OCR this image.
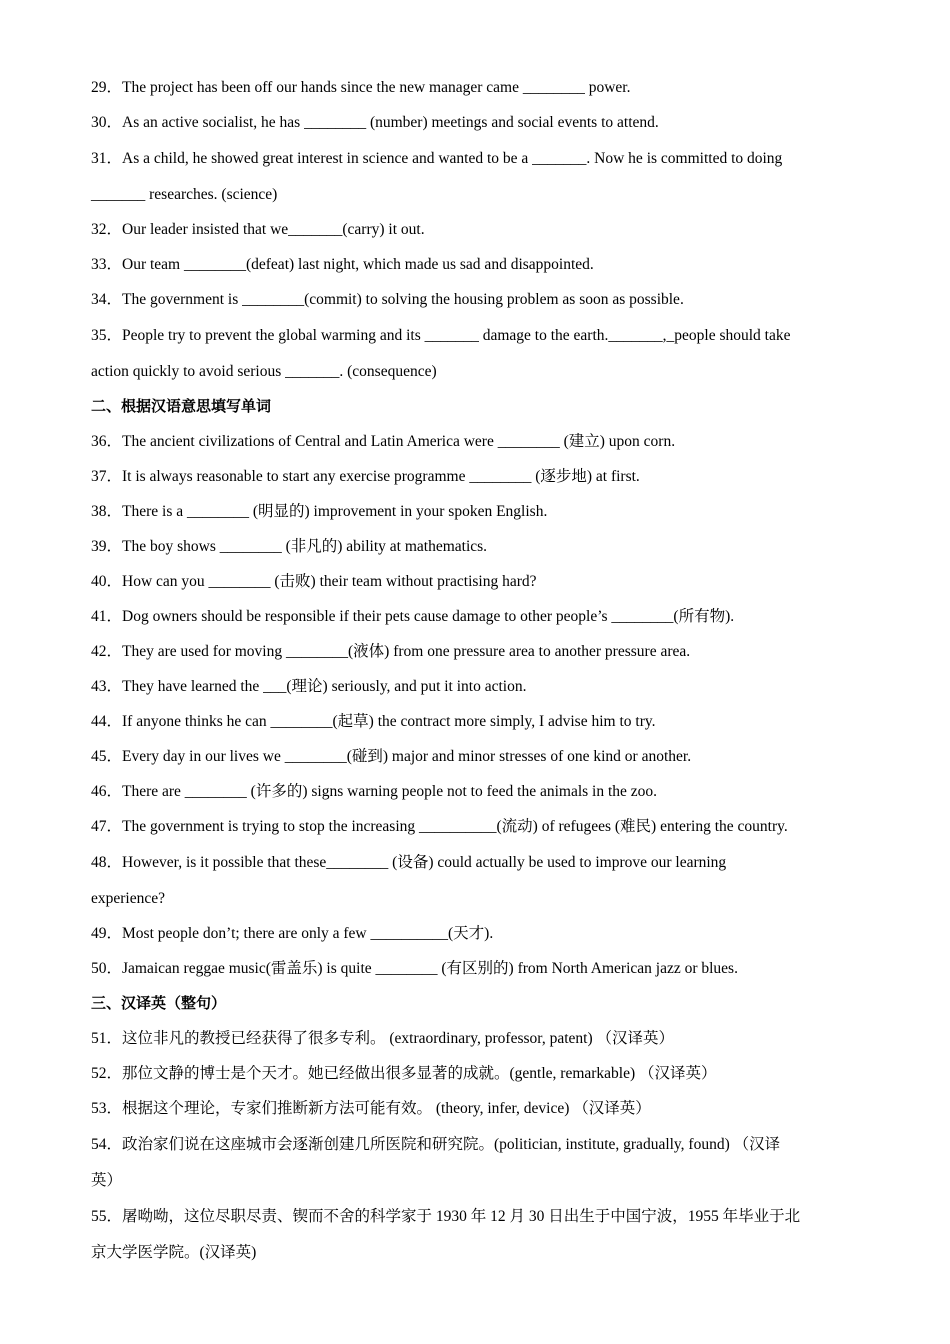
29．The project has been off our hands since the new manager came ________ power.
30．As an active socialist, he has ________ (number) meetings and social events to attend.
31．As a child, he showed great interest in science and wanted to be a _______. Now he is committed to doing
_______ researches. (science)
32．Our leader insisted that we_______(carry) it out.
33．Our team ________(defeat) last night, which made us sad and disappointed.
34．The government is ________(commit) to solving the housing problem as soon as possible.
35．People try to prevent the global warming and its _______ damage to the earth._______,_people should take
action quickly to avoid serious _______. (consequence)
二、根据汉语意思填写单词
36．The ancient civilizations of Central and Latin America were ________ (建立) upon corn.
37．It is always reasonable to start any exercise programme ________ (逐步地) at first.
38．There is a ________ (明显的) improvement in your spoken English.
39．The boy shows ________ (非凡的) ability at mathematics.
40．How can you ________ (击败) their team without practising hard?
41．Dog owners should be responsible if their pets cause damage to other people’s ________(所有物).
42．They are used for moving ________(液体) from one pressure area to another pressure area.
43．They have learned the ___(理论) seriously, and put it into action.
44．If anyone thinks he can ________(起草) the contract more simply, I advise him to try.
45．Every day in our lives we ________(碰到) major and minor stresses of one kind or another.
46．There are ________ (许多的) signs warning people not to feed the animals in the zoo.
47．The government is trying to stop the increasing __________(流动) of refugees (难民) entering the country.
48．However, is it possible that these________ (设备) could actually be used to improve our learning
experience?
49．Most people don’t; there are only a few __________(天才).
50．Jamaican reggae music(雷盖乐) is quite ________ (有区别的) from North American jazz or blues.
三、汉译英（整句）
51．这位非凡的教授已经获得了很多专利。 (extraordinary, professor, patent) （汉译英）
52．那位文静的博士是个天才。她已经做出很多显著的成就。(gentle, remarkable) （汉译英）
53．根据这个理论，专家们推断新方法可能有效。 (theory, infer, device) （汉译英）
54．政治家们说在这座城市会逐渐创建几所医院和研究院。(politician, institute, gradually, found) （汉译
英）
55．屠呦呦，这位尽职尽责、锲而不舍的科学家于 1930 年 12 月 30 日出生于中国宁波，1955 年毕业于北
京大学医学院。(汉译英)
